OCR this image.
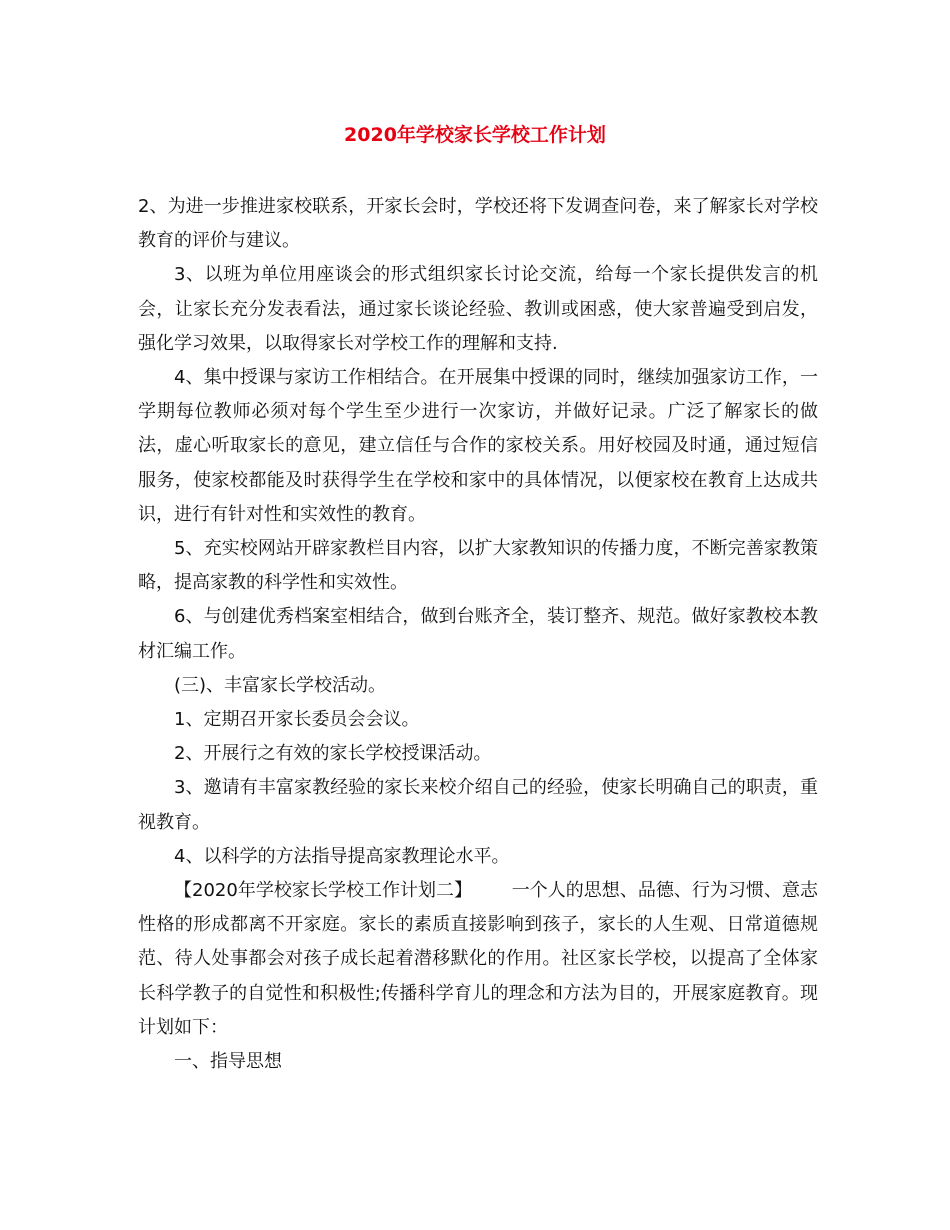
2020年学校家长学校工作计划

2、为进一步推进家校联系，开家长会时，学校还将下发调查问卷，来了解家长对学校教育的评价与建议。

3、以班为单位用座谈会的形式组织家长讨论交流，给每一个家长提供发言的机会，让家长充分发表看法，通过家长谈论经验、教训或困惑，使大家普遍受到启发，强化学习效果，以取得家长对学校工作的理解和支持.

4、集中授课与家访工作相结合。在开展集中授课的同时，继续加强家访工作，一学期每位教师必须对每个学生至少进行一次家访，并做好记录。广泛了解家长的做法，虚心听取家长的意见，建立信任与合作的家校关系。用好校园及时通，通过短信服务，使家校都能及时获得学生在学校和家中的具体情况，以便家校在教育上达成共识，进行有针对性和实效性的教育。

5、充实校网站开辟家教栏目内容，以扩大家教知识的传播力度，不断完善家教策略，提高家教的科学性和实效性。

6、与创建优秀档案室相结合，做到台账齐全，装订整齐、规范。做好家教校本教材汇编工作。

(三)、丰富家长学校活动。

1、定期召开家长委员会会议。

2、开展行之有效的家长学校授课活动。

3、邀请有丰富家教经验的家长来校介绍自己的经验，使家长明确自己的职责，重视教育。

4、以科学的方法指导提高家教理论水平。

【2020年学校家长学校工作计划二】 一个人的思想、品德、行为习惯、意志性格的形成都离不开家庭。家长的素质直接影响到孩子，家长的人生观、日常道德规范、待人处事都会对孩子成长起着潜移默化的作用。社区家长学校，以提高了全体家长科学教子的自觉性和积极性;传播科学育儿的理念和方法为目的，开展家庭教育。现计划如下：

一、指导思想
